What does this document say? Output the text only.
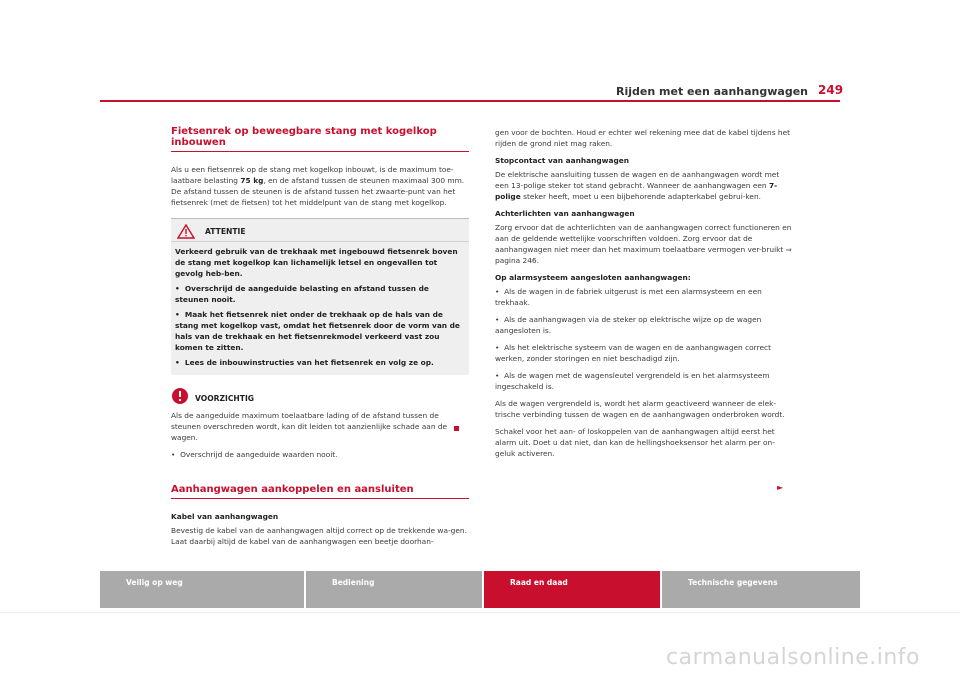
Rijden met een aanhangwagen 249
Fietsenrek op beweegbare stang met kogelkop inbouwen

Als u een fietsenrek op de stang met kogelkop inbouwt, is de maximum toe-laatbare belasting 75 kg, en de afstand tussen de steunen maximaal 300 mm. De afstand tussen de steunen is de afstand tussen het zwaarte-punt van het fietsenrek (met de fietsen) tot het middelpunt van de stang met kogelkop.

ATTENTIE

Verkeerd gebruik van de trekhaak met ingebouwd fietsenrek boven de stang met kogelkop kan lichamelijk letsel en ongevallen tot gevolg heb-ben.

•  Overschrijd de aangeduide belasting en afstand tussen de steunen nooit.

•  Maak het fietsenrek niet onder de trekhaak op de hals van de stang met kogelkop vast, omdat het fietsenrek door de vorm van de hals van de trekhaak en het fietsenrekmodel verkeerd vast zou komen te zitten.

•  Lees de inbouwinstructies van het fietsenrek en volg ze op.

VOORZICHTIG

Als de aangeduide maximum toelaatbare lading of de afstand tussen de steunen overschreden wordt, kan dit leiden tot aanzienlijke schade aan de wagen.

•  Overschrijd de aangeduide waarden nooit.

Aanhangwagen aankoppelen en aansluiten
Kabel van aanhangwagen

Bevestig de kabel van de aanhangwagen altijd correct op de trekkende wa-gen. Laat daarbij altijd de kabel van de aanhangwagen een beetje doorhan-

gen voor de bochten. Houd er echter wel rekening mee dat de kabel tijdens het rijden de grond niet mag raken.

Stopcontact van aanhangwagen

De elektrische aansluiting tussen de wagen en de aanhangwagen wordt met een 13-polige steker tot stand gebracht. Wanneer de aanhangwagen een 7-polige steker heeft, moet u een bijbehorende adapterkabel gebrui-ken.

Achterlichten van aanhangwagen

Zorg ervoor dat de achterlichten van de aanhangwagen correct functioneren en aan de geldende wettelijke voorschriften voldoen. Zorg ervoor dat de aanhangwagen niet meer dan het maximum toelaatbare vermogen ver-bruikt ⇒ pagina 246.

Op alarmsysteem aangesloten aanhangwagen:

•  Als de wagen in de fabriek uitgerust is met een alarmsysteem en een trekhaak.

•  Als de aanhangwagen via de steker op elektrische wijze op de wagen aangesloten is.

•  Als het elektrische systeem van de wagen en de aanhangwagen correct werken, zonder storingen en niet beschadigd zijn.

•  Als de wagen met de wagensleutel vergrendeld is en het alarmsysteem ingeschakeld is.

Als de wagen vergrendeld is, wordt het alarm geactiveerd wanneer de elek-trische verbinding tussen de wagen en de aanhangwagen onderbroken wordt.

Schakel voor het aan- of loskoppelen van de aanhangwagen altijd eerst het alarm uit. Doet u dat niet, dan kan de hellingshoeksensor het alarm per on-geluk activeren.

►
Veilig op weg	Bediening	Raad en daad	Technische gegevens
carmanualsonline.info
